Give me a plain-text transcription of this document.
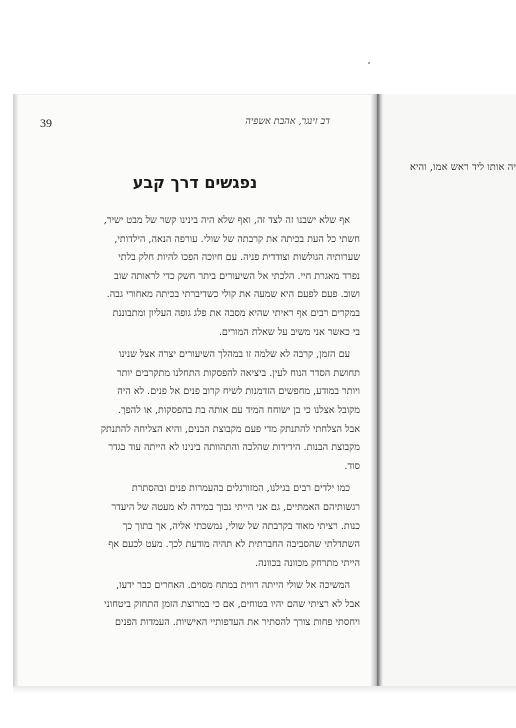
דב זינגר, אהבת אשפיה
39
נפגשים דרך קבע
אף שלא ישבנו זה לצד זה, ואף שלא היה בינינו קשר של מבט ישיר,
חשתי כל העת בכיתה את קרבתה של שולי. עורפה הנאה, הילדותי,
שערותיה הגולשות וצודדית פניה. עם חיוכה הפכו להיות חלק בלתי
נפרד מאגרת חיי. הלכתי אל השיעורים ביתר חשק כדי לראותה שוב
ושוב. פעם לפעם היא שמעה את קולי כשדיברתי בכיתה מאחורי גבה.
במקרים רבים אף ראיתי שהיא מסבה את פלג גופה העליון ומתבוננת
בי כאשר אני משיב על שאלת המורים.
עם הזמן, קרבה לא שלמה זו במהלך השיעורים יצרה אצל שנינו
תחושת הסדר הנוח לעין. ביציאה להפסקות התחלנו מתקרבים יותר
ויותר במודע, מחפשים הזדמנות לשיח קרוב פנים אל פנים. לא היה
מקובל אצלנו כי בן ישוחח המיד עם אותה בת בהפסקות, או להפך.
אבל הצלחתי להתנתק מדי פעם מקבוצת הבנים, והיא הצליחה להתנתק
מקבוצת הבנות. הידידות שהלכה והתהוותה בינינו לא הייתה עוד בגדר
סוד.
כמו ילדים רבים בגילנו, המזורגלים בהעמרות פנים ובהסתרת
רגשותיהם האמתיים, גם אני הייתי נבוך במידה לא מעטה של היעדר
כנות. רציתי מאוד בקרבתה של שולי, נמשכתי אליה, אך בתוך כך
השתדלתי שהסביבה החברתית לא תהיה מודעת לכך. מעט לכעם אף
הייתי מתרחק מכוונה בכוונה.
המשיכה אל שולי הייתה רווית במתח מסוים. האחרים כבר ידעו,
אבל לא רציתי שהם יהיו בטוחים, אם כי במרוצת הזמן התחזק ביטחוני
ויחסתי פחות צורך להסתיר את העדפותיי האישיות. העמדות הפנים
יה אותו ליד ראש אמו, והיא
